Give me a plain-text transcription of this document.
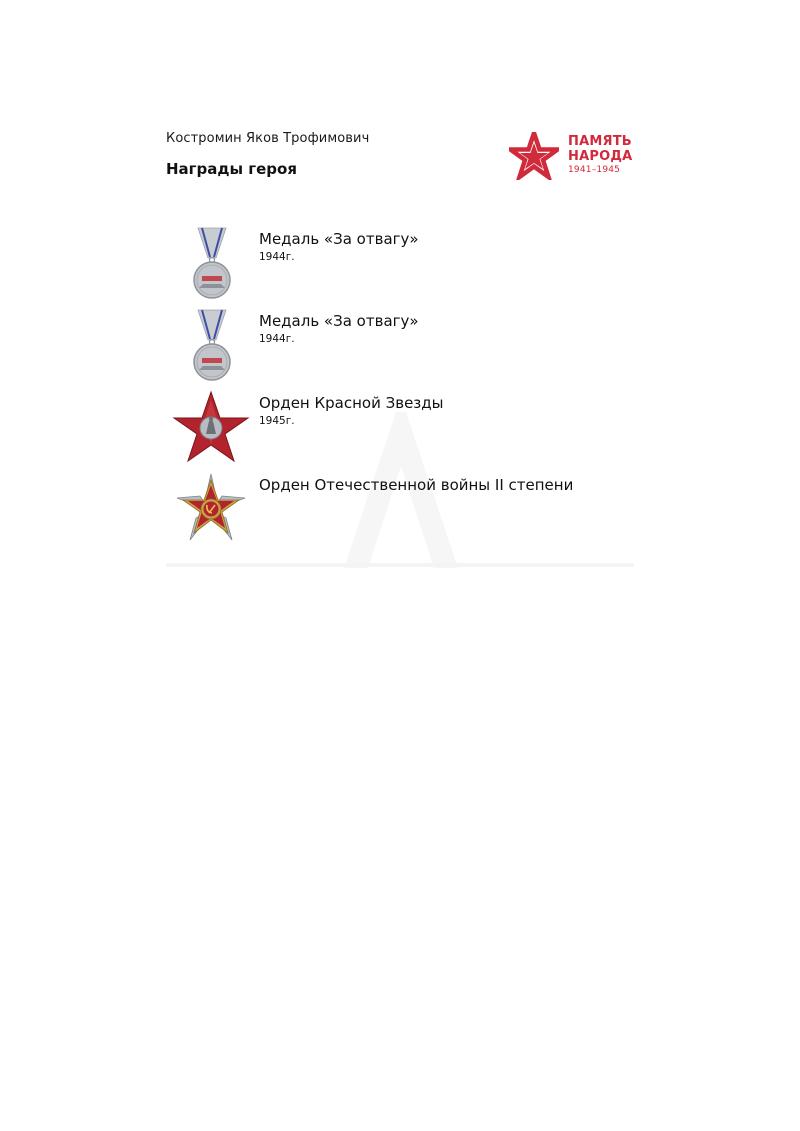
Костромин Яков Трофимович
Награды героя
ПАМЯТЬ
НАРОДА
1941–1945
Медаль «За отвагу»
1944г.
Медаль «За отвагу»
1944г.
Орден Красной Звезды
1945г.
Орден Отечественной войны II степени
